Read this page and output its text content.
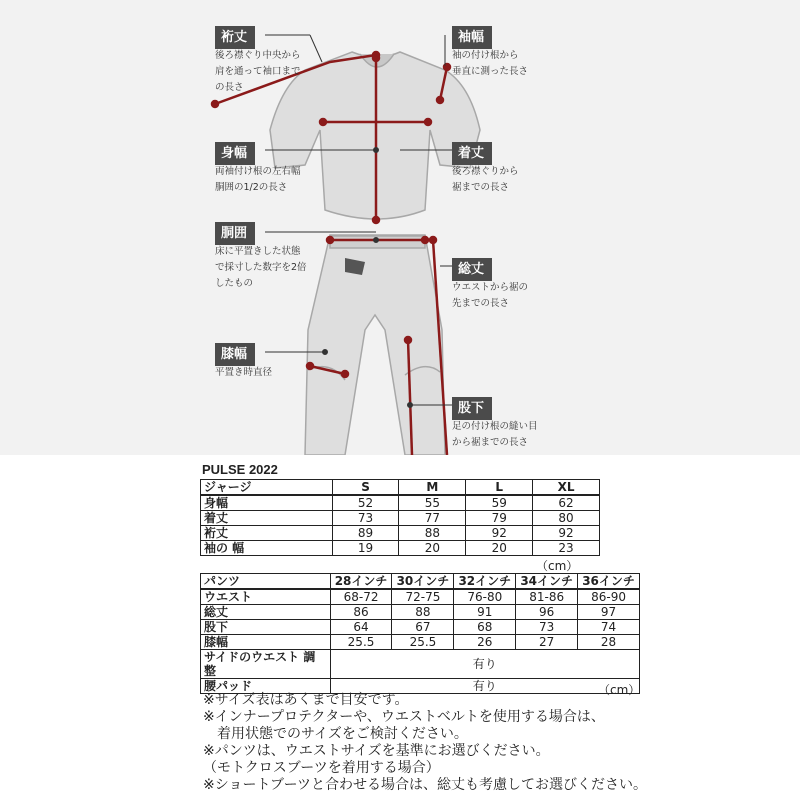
裄丈
後ろ襟ぐり中央から
肩を通って袖口まで
の長さ
袖幅
袖の付け根から
垂直に測った長さ
身幅
両袖付け根の左右幅
胴囲の1/2の長さ
着丈
後ろ襟ぐりから
裾までの長さ
胴囲
床に平置きした状態
で採寸した数字を2倍
したもの
総丈
ウエストから裾の
先までの長さ
膝幅
平置き時直径
股下
足の付け根の縫い目
から裾までの長さ
PULSE 2022
ジャージ	S	M	L	XL
身幅	52	55	59	62
着丈	73	77	79	80
裄丈	89	88	92	92
袖の 幅	19	20	20	23
（cm）
パンツ	28インチ	30インチ	32インチ	34インチ	36インチ
ウエスト	68-72	72-75	76-80	81-86	86-90
総丈	86	88	91	96	97
股下	64	67	68	73	74
膝幅	25.5	25.5	26	27	28
サイドのウエスト 調整	有り				
腰パッド	有り					（cm）
※サイズ表はあくまで目安です。
※インナープロテクターや、ウエストベルトを使用する場合は、
　着用状態でのサイズをご検討ください。
※パンツは、ウエストサイズを基準にお選びください。
（モトクロスブーツを着用する場合）
※ショートブーツと合わせる場合は、総丈も考慮してお選びください。
